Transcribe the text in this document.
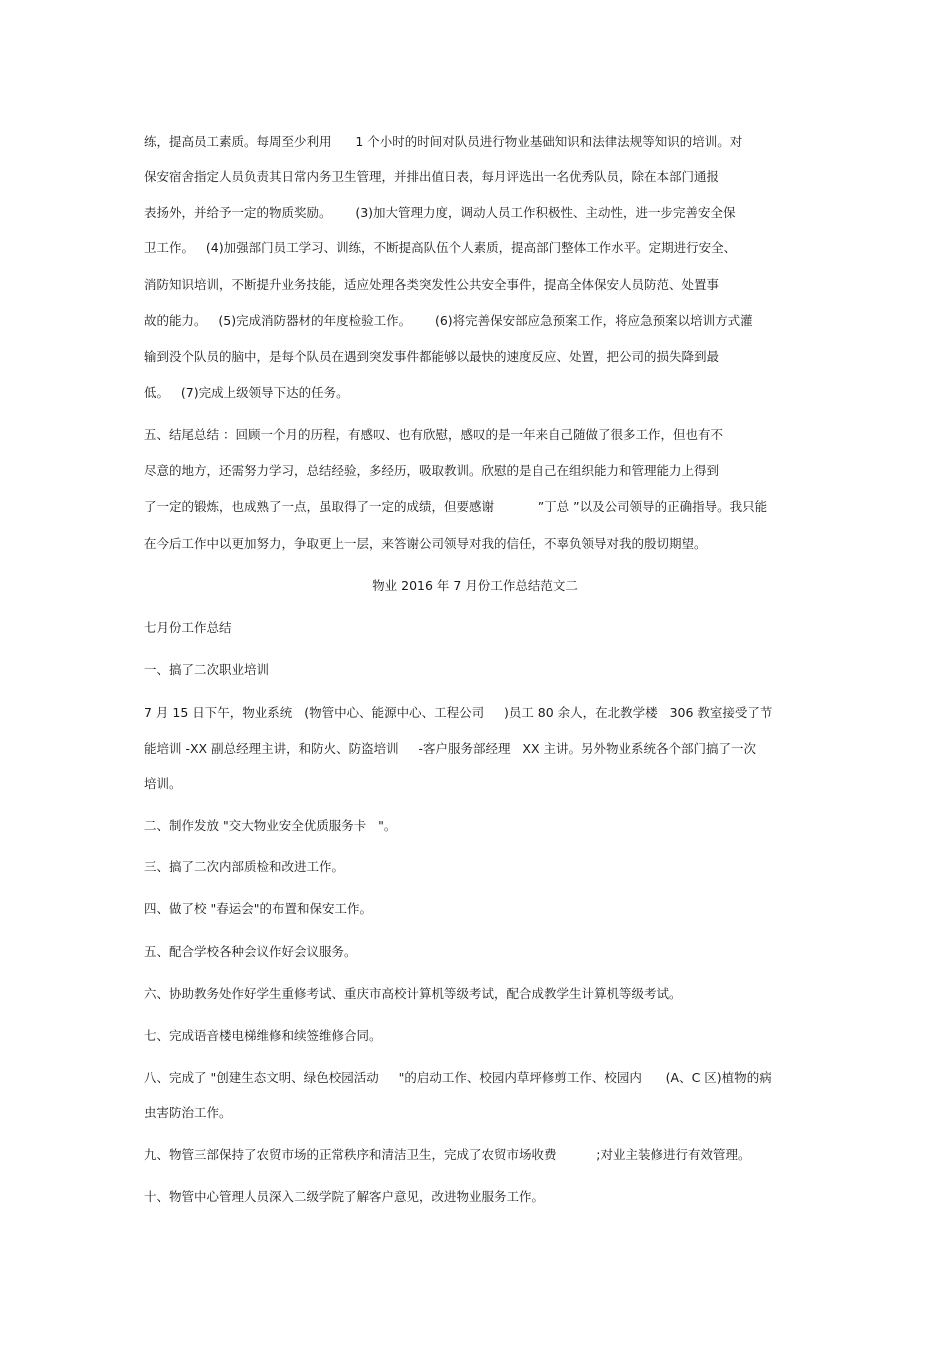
练，提高员工素质。每周至少利用      1 个小时的时间对队员进行物业基础知识和法律法规等知识的培训。对
保安宿舍指定人员负责其日常内务卫生管理，并排出值日表，每月评选出一名优秀队员，除在本部门通报
表扬外，并给予一定的物质奖励。      (3)加大管理力度，调动人员工作积极性、主动性，进一步完善安全保
卫工作。   (4)加强部门员工学习、训练，不断提高队伍个人素质，提高部门整体工作水平。定期进行安全、
消防知识培训，不断提升业务技能，适应处理各类突发性公共安全事件，提高全体保安人员防范、处置事
故的能力。   (5)完成消防器材的年度检验工作。      (6)将完善保安部应急预案工作，将应急预案以培训方式灌
输到没个队员的脑中，是每个队员在遇到突发事件都能够以最快的速度反应、处置，把公司的损失降到最
低。   (7)完成上级领导下达的任务。
五、结尾总结 ：回顾一个月的历程，有感叹、也有欣慰，感叹的是一年来自己随做了很多工作，但也有不
尽意的地方，还需努力学习，总结经验，多经历，吸取教训。欣慰的是自己在组织能力和管理能力上得到
了一定的锻炼，也成熟了一点，虽取得了一定的成绩，但要感谢           ”丁总 ”以及公司领导的正确指导。我只能
在今后工作中以更加努力，争取更上一层，来答谢公司领导对我的信任，不辜负领导对我的殷切期望。
物业 2016 年 7 月份工作总结范文二
七月份工作总结
一、搞了二次职业培训
7 月 15 日下午，物业系统   (物管中心、能源中心、工程公司     )员工 80 余人，在北教学楼   306 教室接受了节
能培训 -XX 副总经理主讲，和防火、防盗培训     -客户服务部经理   XX 主讲。另外物业系统各个部门搞了一次
培训。
二、制作发放 "交大物业安全优质服务卡   "。
三、搞了二次内部质检和改进工作。
四、做了校 "春运会"的布置和保安工作。
五、配合学校各种会议作好会议服务。
六、协助教务处作好学生重修考试、重庆市高校计算机等级考试，配合成教学生计算机等级考试。
七、完成语音楼电梯维修和续签维修合同。
八、完成了 "创建生态文明、绿色校园活动     "的启动工作、校园内草坪修剪工作、校园内      (A、C 区)植物的病
虫害防治工作。
九、物管三部保持了农贸市场的正常秩序和清洁卫生，完成了农贸市场收费          ;对业主装修进行有效管理。
十、物管中心管理人员深入二级学院了解客户意见，改进物业服务工作。
